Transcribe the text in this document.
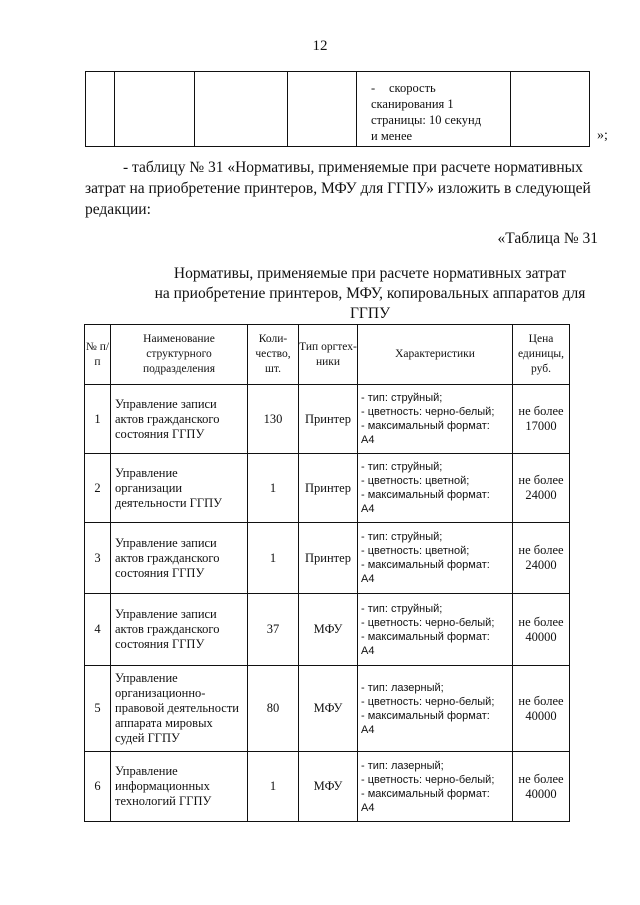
12

- скорость
сканирования 1
страницы: 10 секунд
и менее
		»;
- таблицу № 31 «Нормативы, применяемые при расчете нормативных
затрат на приобретение принтеров, МФУ для ГГПУ» изложить в следующей
редакции:
«Таблица № 31
Нормативы, применяемые при расчете нормативных затрат
на приобретение принтеров, МФУ, копировальных аппаратов для
ГГПУ
№ п/п	Наименование структурного подразделения	Коли-чество, шт.	Тип оргтех-ники	Характеристики	Цена единицы, руб.
1	Управление записи актов гражданского состояния ГГПУ	130	Принтер	- тип: струйный;
- цветность: черно-белый;
- максимальный формат:
А4	не более 17000
2	Управление организации деятельности ГГПУ	1	Принтер	- тип: струйный;
- цветность: цветной;
- максимальный формат:
А4	не более 24000
3	Управление записи актов гражданского состояния ГГПУ	1	Принтер	- тип: струйный;
- цветность: цветной;
- максимальный формат:
А4	не более 24000
4	Управление записи актов гражданского состояния ГГПУ	37	МФУ	- тип: струйный;
- цветность: черно-белый;
- максимальный формат:
А4	не более 40000
5	Управление организационно-правовой деятельности аппарата мировых судей ГГПУ	80	МФУ	- тип: лазерный;
- цветность: черно-белый;
- максимальный формат:
А4	не более 40000
6	Управление информационных технологий ГГПУ	1	МФУ	- тип: лазерный;
- цветность: черно-белый;
- максимальный формат:
А4	не более 40000
